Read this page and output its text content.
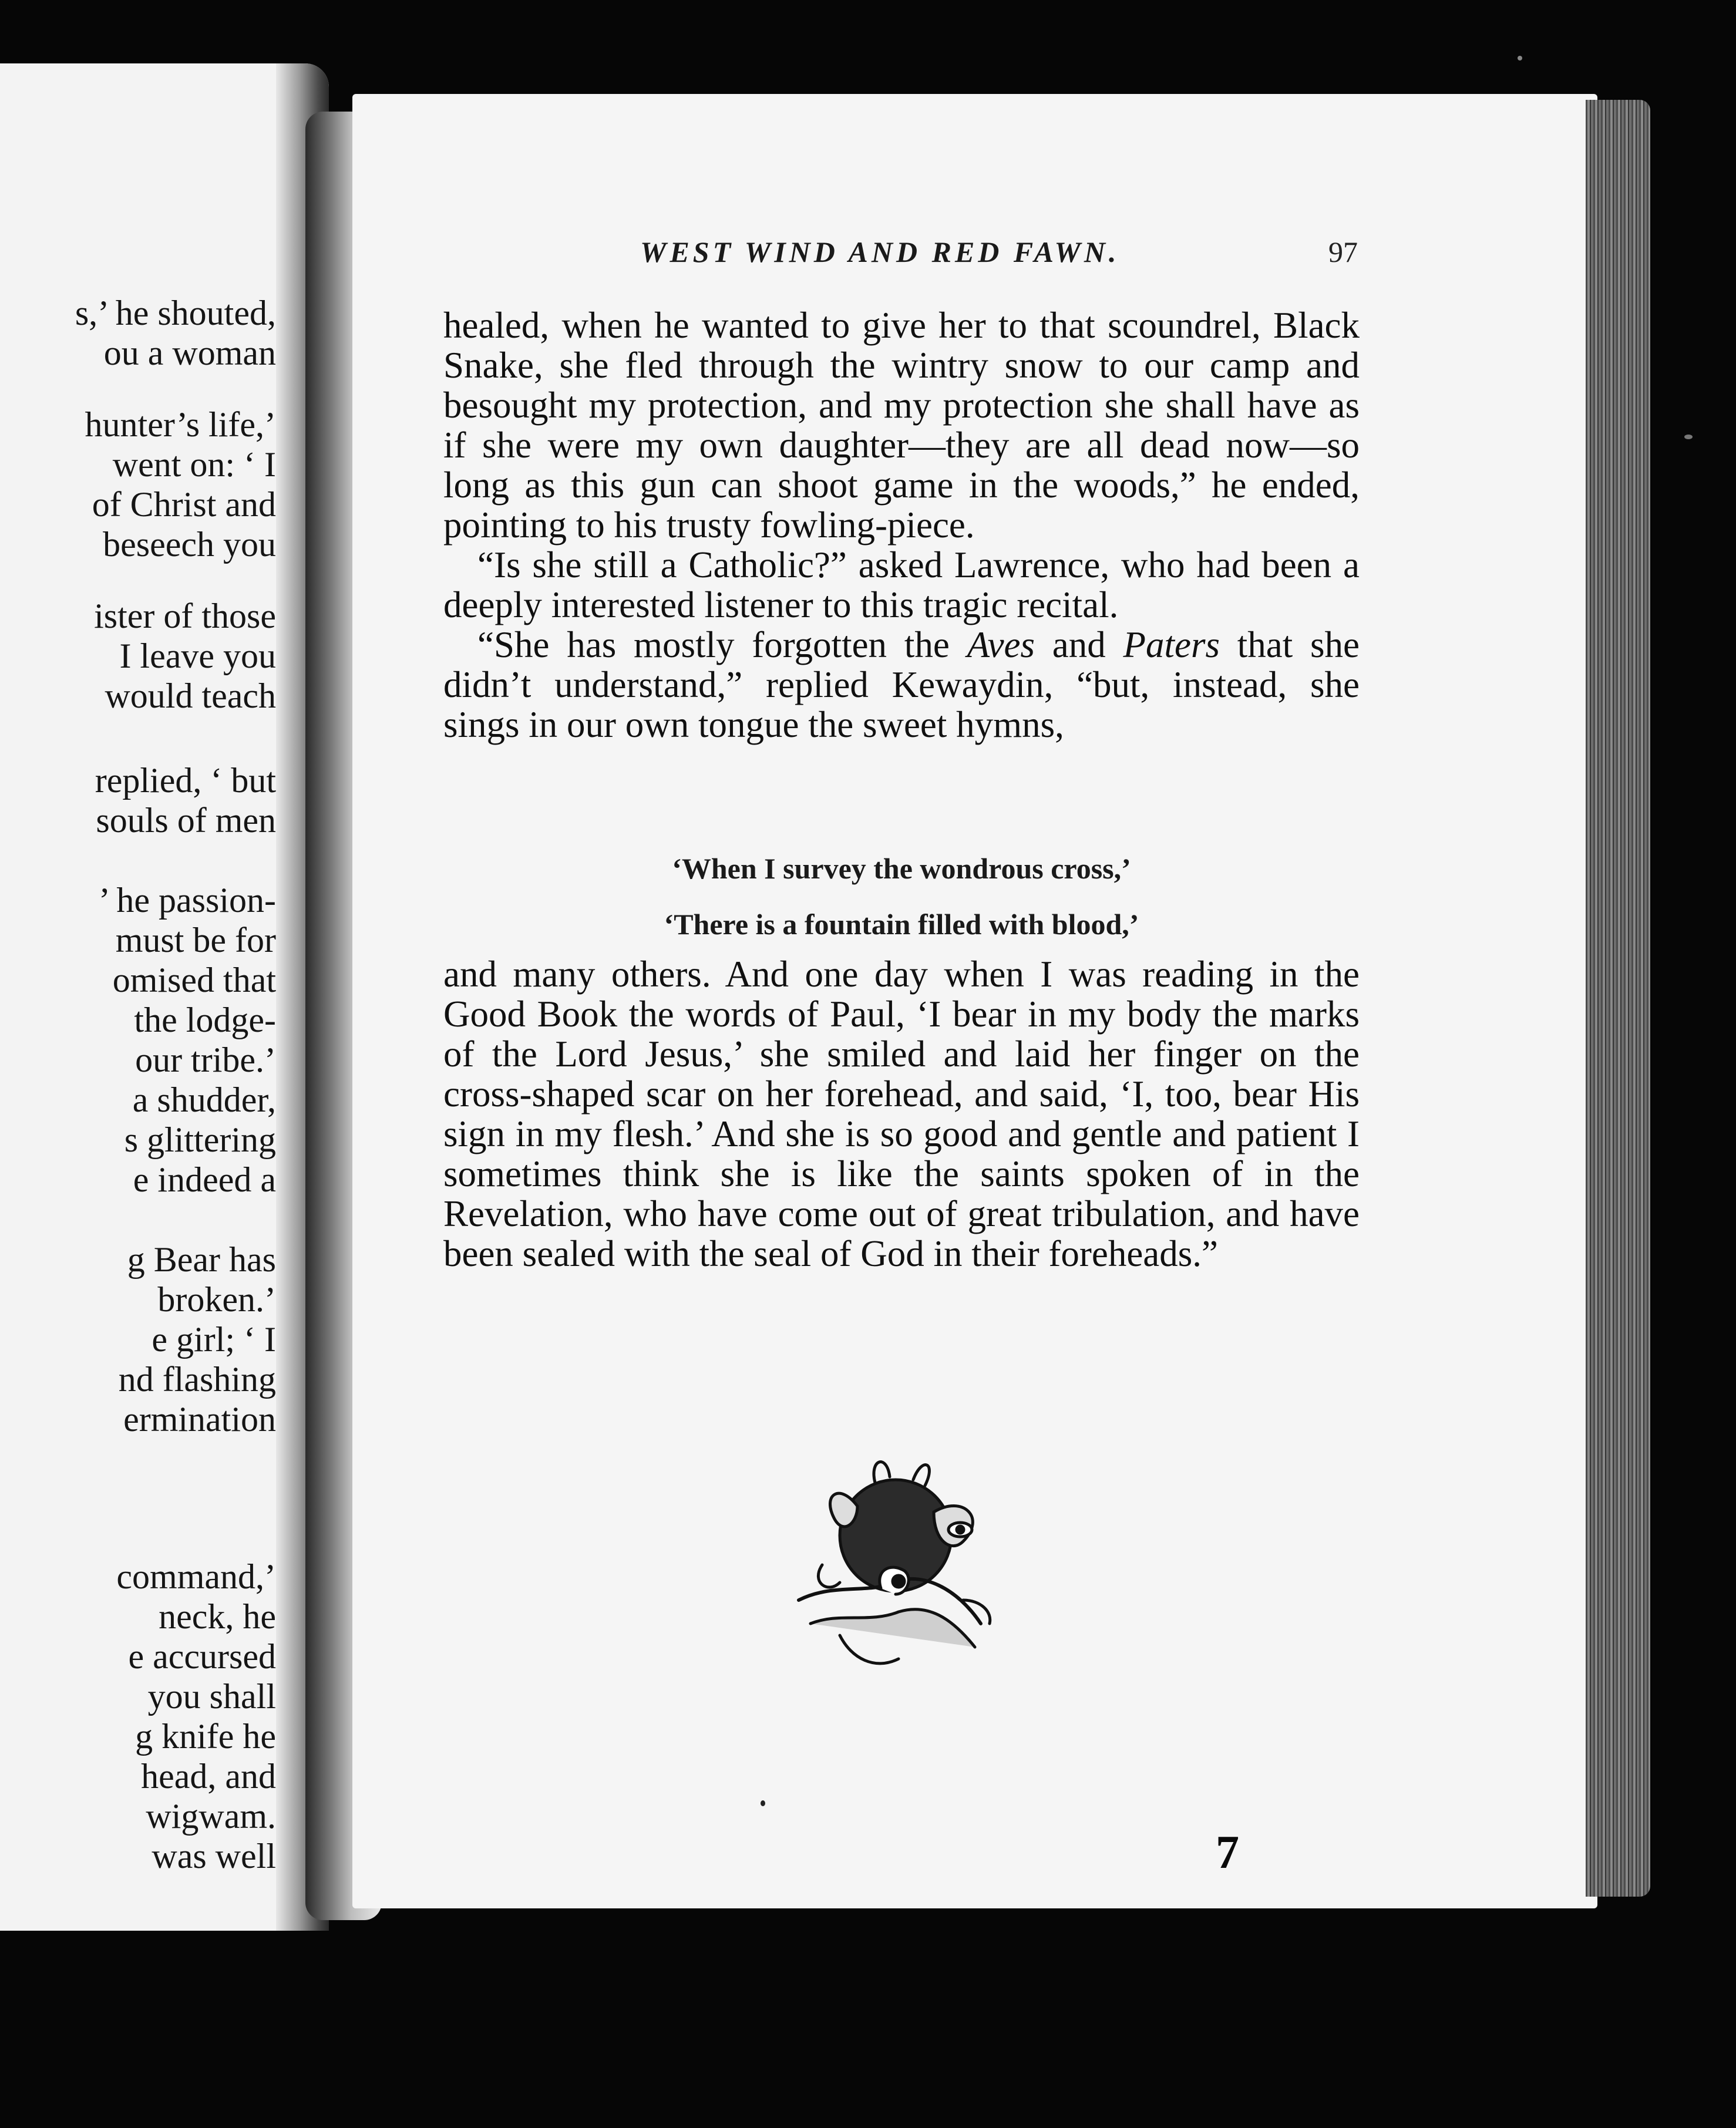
s,’ he shouted,
ou a woman
hunter’s life,’
went on: ‘ I
of Christ and
beseech you
ister of those
I leave you
would teach
replied, ‘ but
souls of men
’ he passion-
must be for
omised that
the lodge-
our tribe.’
a shudder,
s glittering
e indeed a
g Bear has
broken.’
e girl; ‘ I
nd flashing
ermination
command,’
neck, he
e accursed
you shall
g knife he
head, and
wigwam.
was well
WEST WIND AND RED FAWN.	97

healed, when he wanted to give her to that scoundrel, Black Snake, she fled through the wintry snow to our camp and besought my protection, and my protection she shall have as if she were my own daughter—they are all dead now—so long as this gun can shoot game in the woods,” he ended, pointing to his trusty fowling-piece.

“Is she still a Catholic?” asked Lawrence, who had been a deeply interested listener to this tragic recital.

“She has mostly forgotten the Aves and Paters that she didn’t understand,” replied Kewaydin, “but, instead, she sings in our own tongue the sweet hymns,

‘When I survey the wondrous cross,’
‘There is a fountain filled with blood,’

and many others. And one day when I was reading in the Good Book the words of Paul, ‘I bear in my body the marks of the Lord Jesus,’ she smiled and laid her finger on the cross-shaped scar on her forehead, and said, ‘I, too, bear His sign in my flesh.’ And she is so good and gentle and patient I sometimes think she is like the saints spoken of in the Revelation, who have come out of great tribulation, and have been sealed with the seal of God in their foreheads.”

7
